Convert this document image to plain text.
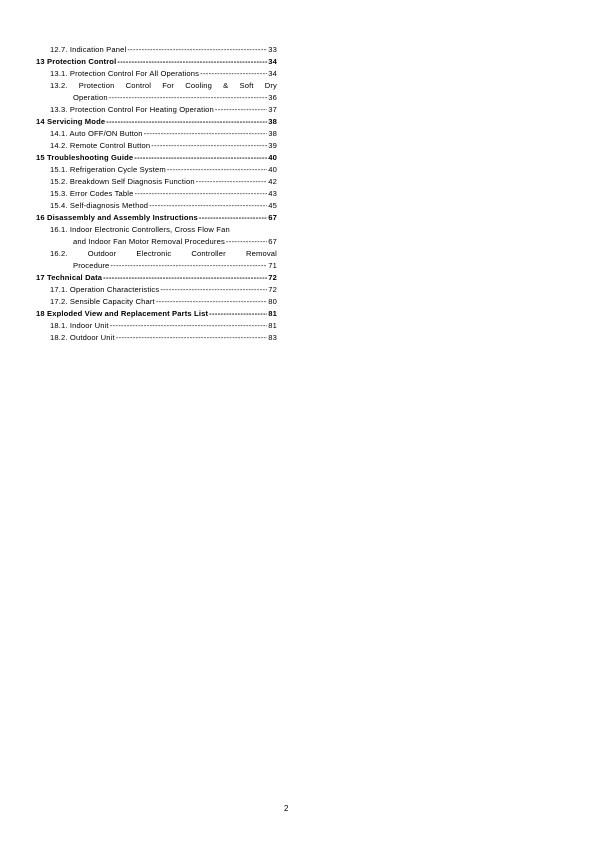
12.7. Indication Panel - - -	33
13 Protection Control - - -	34
13.1. Protection Control For All Operations - - -	34
13.2. Protection Control For Cooling & Soft Dry
Operation - - -	36
13.3. Protection Control For Heating Operation - - -	37
14 Servicing Mode - - -	38
14.1. Auto OFF/ON Button - - -	38
14.2. Remote Control Button - - -	39
15 Troubleshooting Guide - - -	40
15.1. Refrigeration Cycle System - - -	40
15.2. Breakdown Self Diagnosis Function - - -	42
15.3. Error Codes Table - - -	43
15.4. Self-diagnosis Method - - -	45
16 Disassembly and Assembly Instructions - - -	67
16.1. Indoor Electronic Controllers, Cross Flow Fan
and Indoor Fan Motor Removal Procedures - - -	67
16.2.	Outdoor	Electronic	Controller	Removal
Procedure - - -	71
17 Technical Data - - -	72
17.1. Operation Characteristics - - -	72
17.2. Sensible Capacity Chart - - -	80
18 Exploded View and Replacement Parts List - - -	81
18.1. Indoor Unit - - -	81
18.2. Outdoor Unit - - -	83
2
